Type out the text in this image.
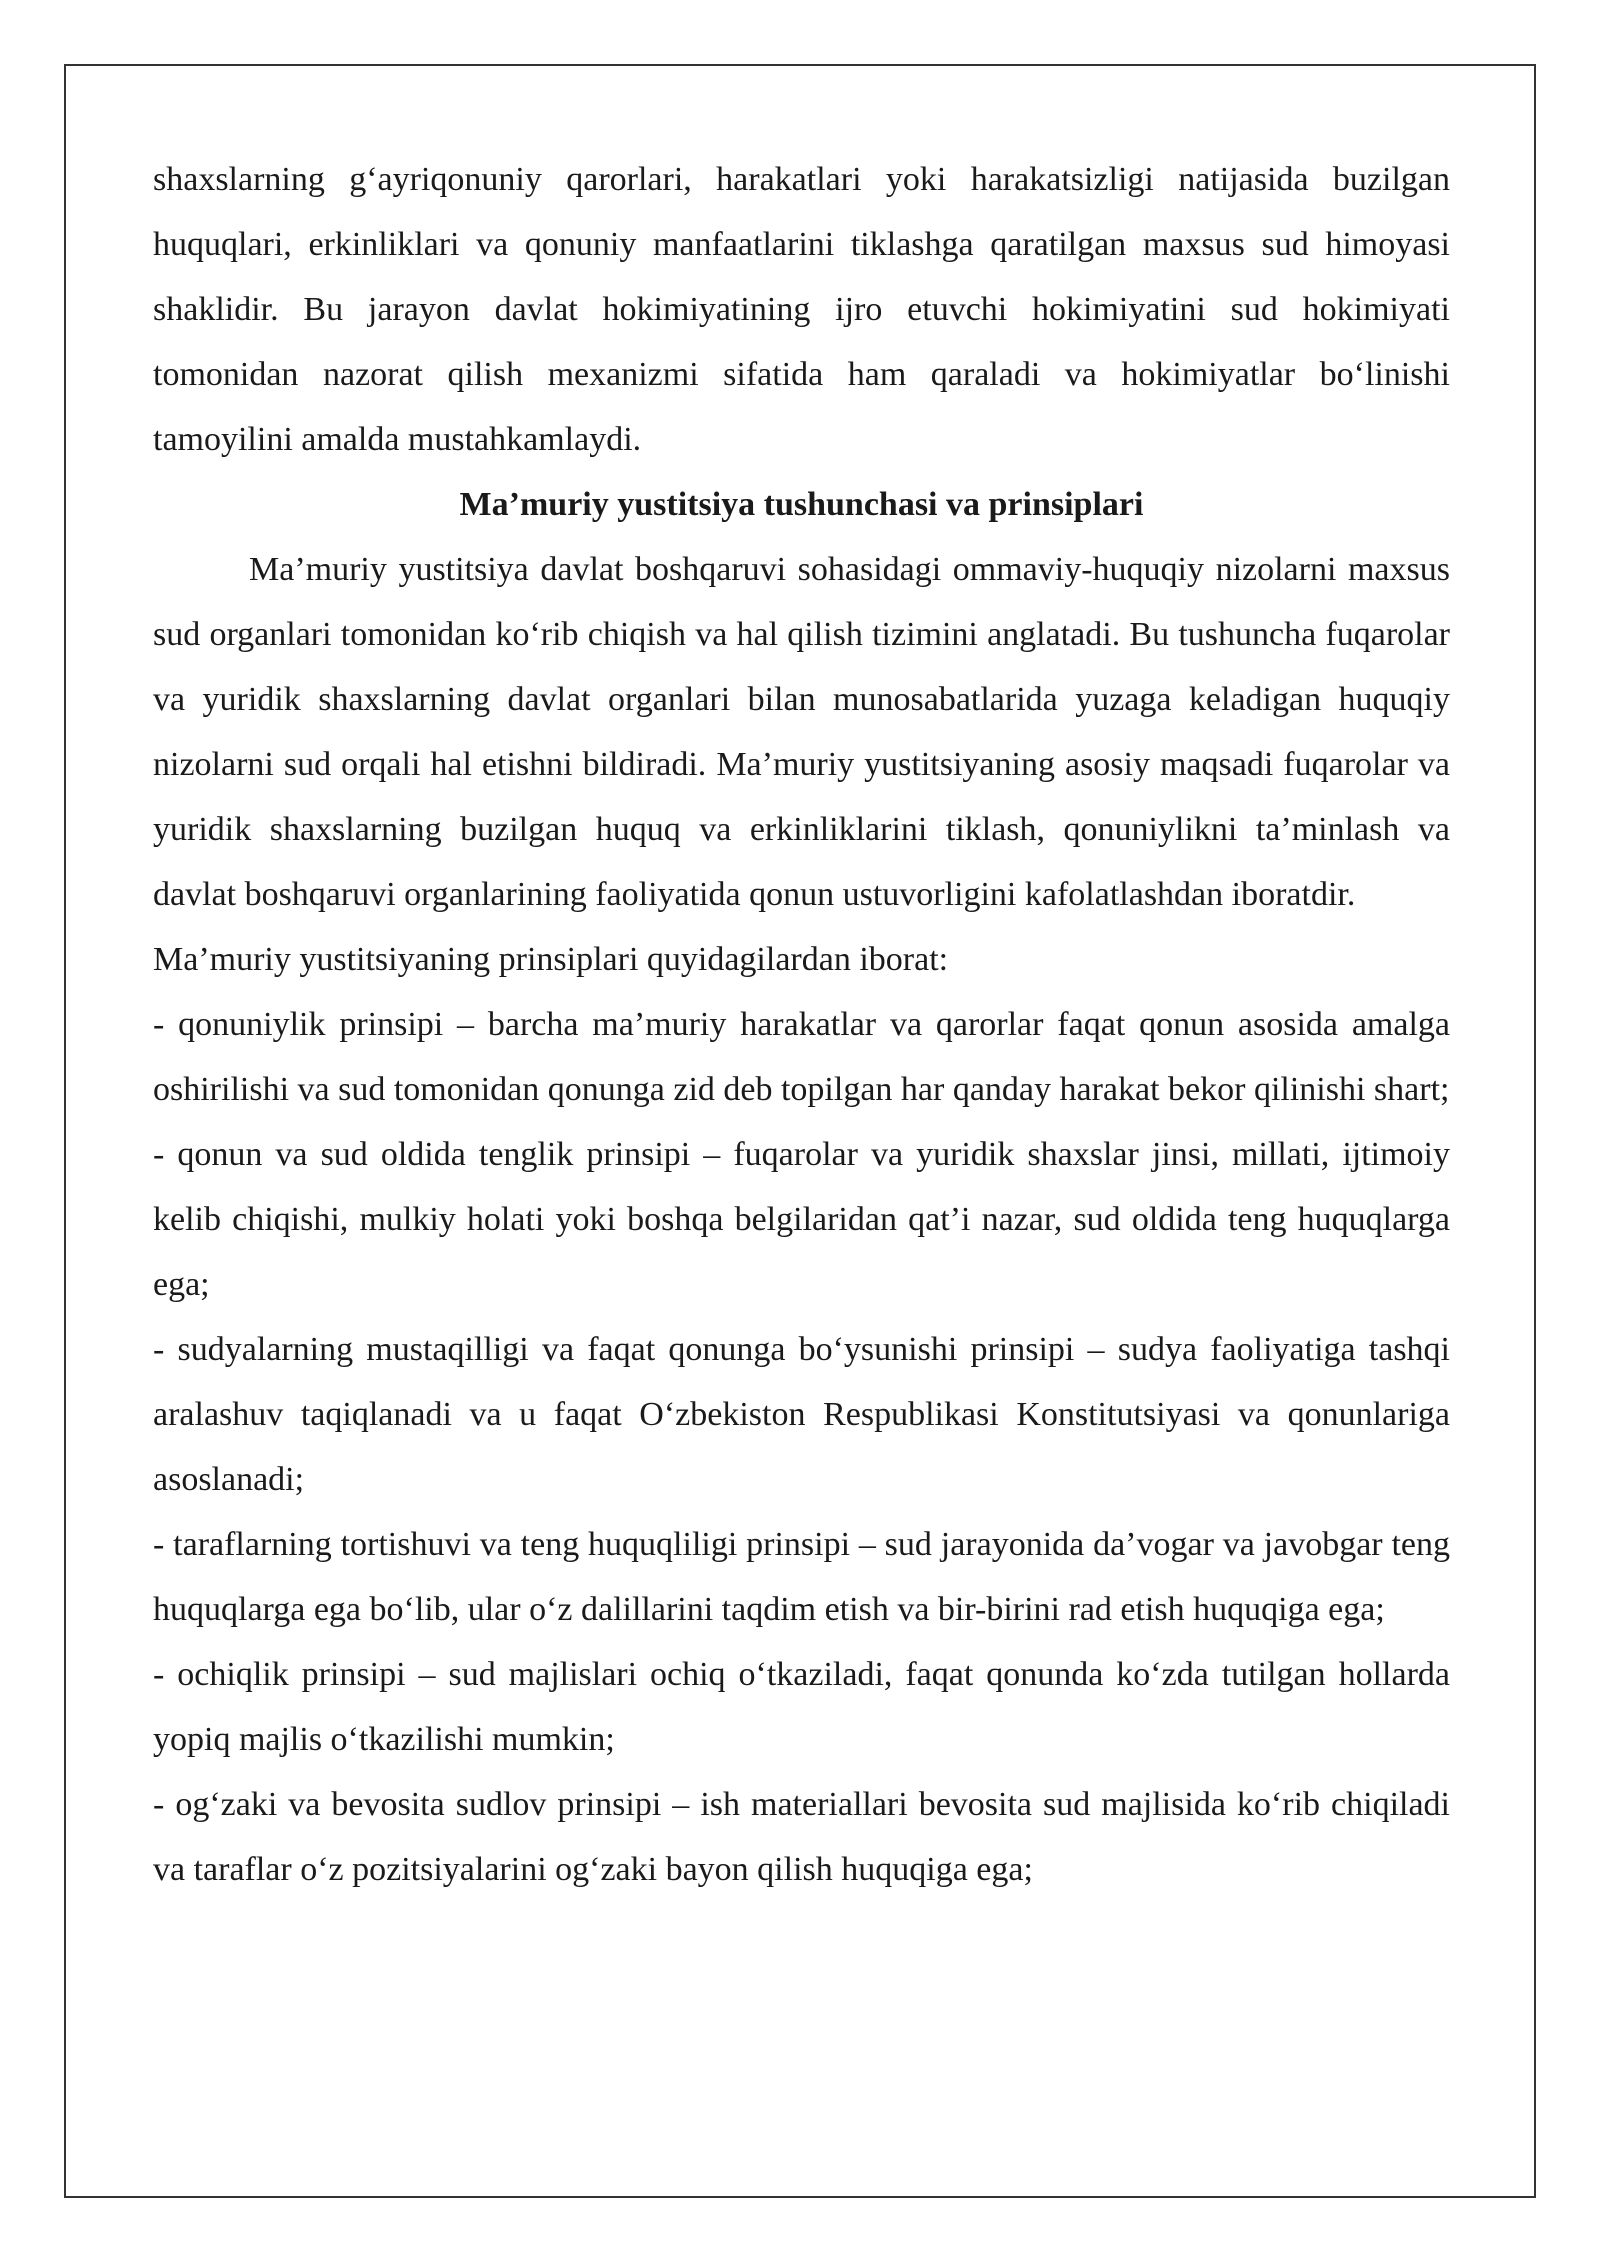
shaxslarning g‘ayriqonuniy qarorlari, harakatlari yoki harakatsizligi natijasida buzilgan huquqlari, erkinliklari va qonuniy manfaatlarini tiklashga qaratilgan maxsus sud himoyasi shaklidir. Bu jarayon davlat hokimiyatining ijro etuvchi hokimiyatini sud hokimiyati tomonidan nazorat qilish mexanizmi sifatida ham qaraladi va hokimiyatlar bo‘linishi tamoyilini amalda mustahkamlaydi.

Ma’muriy yustitsiya tushunchasi va prinsiplari

Ma’muriy yustitsiya davlat boshqaruvi sohasidagi ommaviy-huquqiy nizolarni maxsus sud organlari tomonidan ko‘rib chiqish va hal qilish tizimini anglatadi. Bu tushuncha fuqarolar va yuridik shaxslarning davlat organlari bilan munosabatlarida yuzaga keladigan huquqiy nizolarni sud orqali hal etishni bildiradi. Ma’muriy yustitsiyaning asosiy maqsadi fuqarolar va yuridik shaxslarning buzilgan huquq va erkinliklarini tiklash, qonuniylikni ta’minlash va davlat boshqaruvi organlarining faoliyatida qonun ustuvorligini kafolatlashdan iboratdir.

Ma’muriy yustitsiyaning prinsiplari quyidagilardan iborat:

- qonuniylik prinsipi – barcha ma’muriy harakatlar va qarorlar faqat qonun asosida amalga oshirilishi va sud tomonidan qonunga zid deb topilgan har qanday harakat bekor qilinishi shart;

- qonun va sud oldida tenglik prinsipi – fuqarolar va yuridik shaxslar jinsi, millati, ijtimoiy kelib chiqishi, mulkiy holati yoki boshqa belgilaridan qat’i nazar, sud oldida teng huquqlarga ega;

- sudyalarning mustaqilligi va faqat qonunga bo‘ysunishi prinsipi – sudya faoliyatiga tashqi aralashuv taqiqlanadi va u faqat O‘zbekiston Respublikasi Konstitutsiyasi va qonunlariga asoslanadi;

- taraflarning tortishuvi va teng huquqliligi prinsipi – sud jarayonida da’vogar va javobgar teng huquqlarga ega bo‘lib, ular o‘z dalillarini taqdim etish va bir-birini rad etish huquqiga ega;

- ochiqlik prinsipi – sud majlislari ochiq o‘tkaziladi, faqat qonunda ko‘zda tutilgan hollarda yopiq majlis o‘tkazilishi mumkin;

- og‘zaki va bevosita sudlov prinsipi – ish materiallari bevosita sud majlisida ko‘rib chiqiladi va taraflar o‘z pozitsiyalarini og‘zaki bayon qilish huquqiga ega;
